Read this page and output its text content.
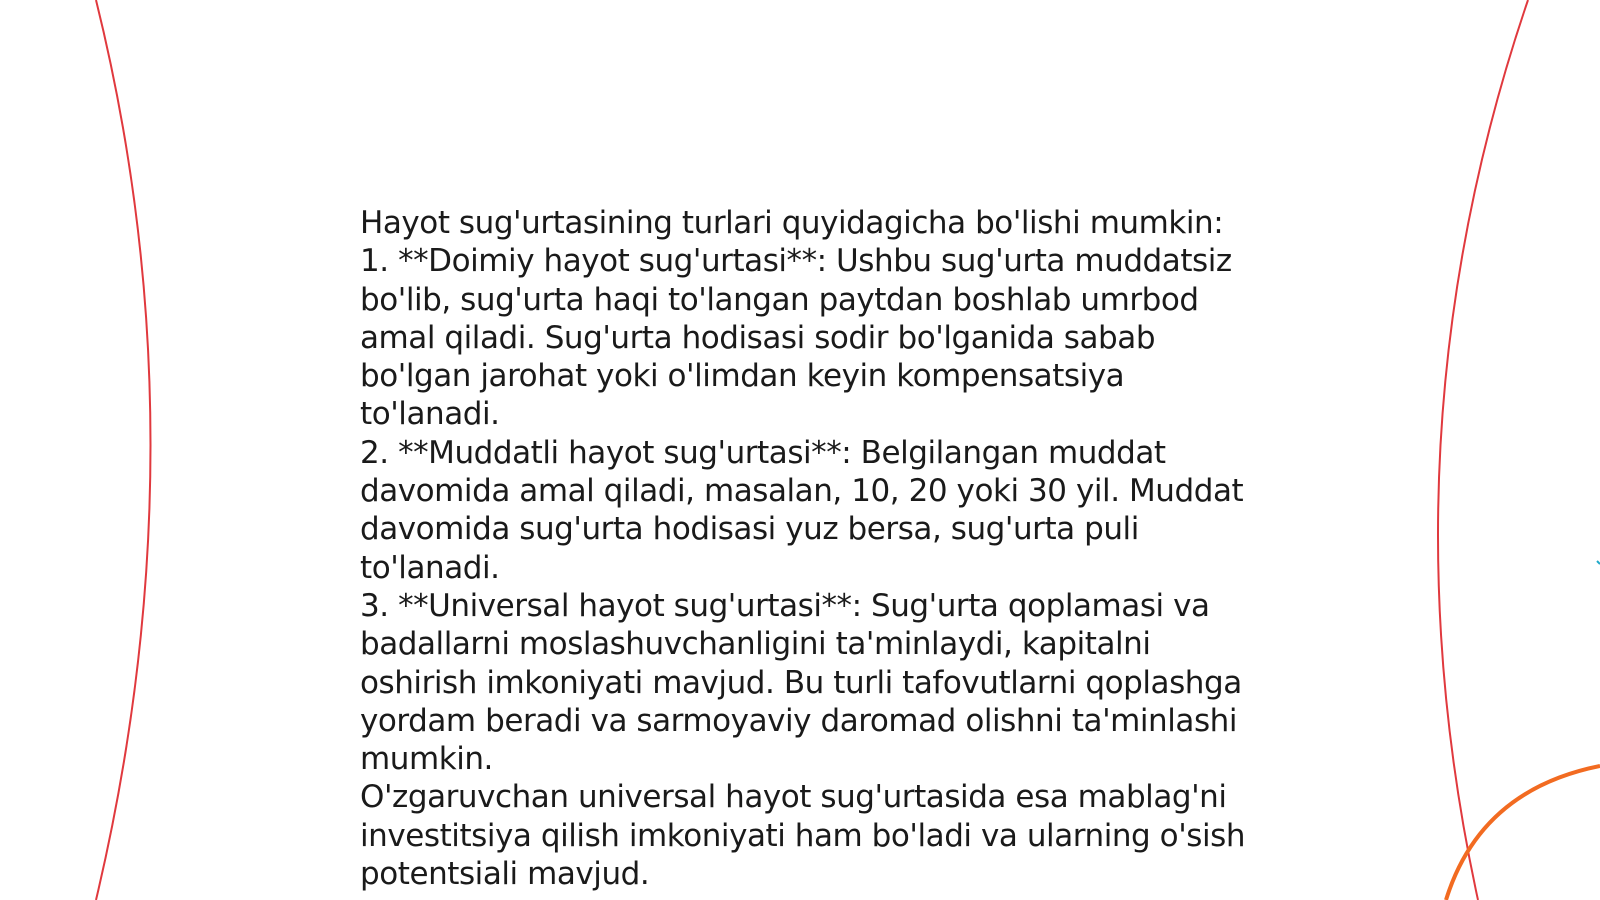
Hayot sug'urtasining turlari quyidagicha bo'lishi mumkin:

1. **Doimiy hayot sug'urtasi**: Ushbu sug'urta muddatsiz bo'lib, sug'urta haqi to'langan paytdan boshlab umrbod amal qiladi. Sug'urta hodisasi sodir bo'lganida sabab bo'lgan jarohat yoki o'limdan keyin kompensatsiya to'lanadi.

2. **Muddatli hayot sug'urtasi**: Belgilangan muddat davomida amal qiladi, masalan, 10, 20 yoki 30 yil. Muddat davomida sug'urta hodisasi yuz bersa, sug'urta puli to'lanadi.

3. **Universal hayot sug'urtasi**: Sug'urta qoplamasi va badallarni moslashuvchanligini ta'minlaydi, kapitalni oshirish imkoniyati mavjud. Bu turli tafovutlarni qoplashga yordam beradi va sarmoyaviy daromad olishni ta'minlashi mumkin.

O'zgaruvchan universal hayot sug'urtasida esa mablag'ni investitsiya qilish imkoniyati ham bo'ladi va ularning o'sish potentsiali mavjud.
